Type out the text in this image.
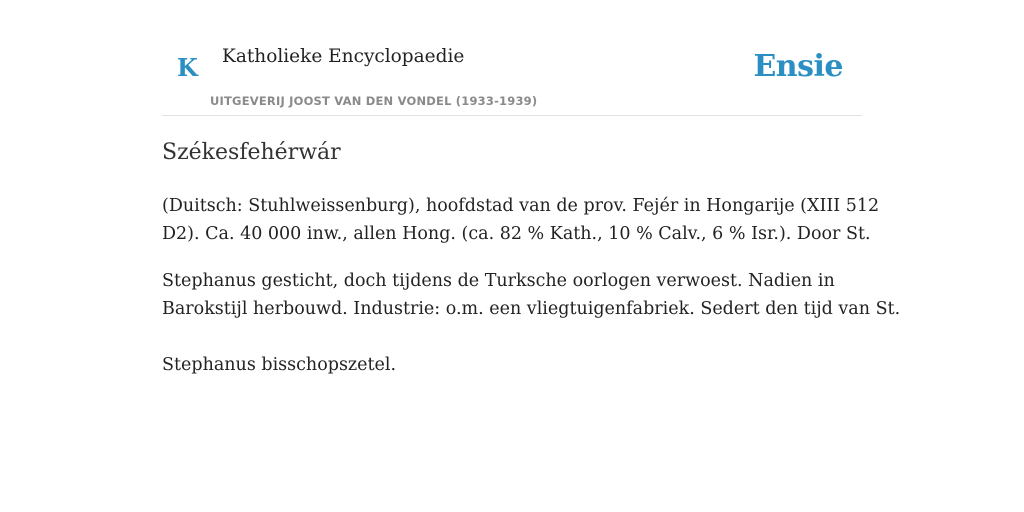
K Katholieke Encyclopaedie
UITGEVERIJ JOOST VAN DEN VONDEL (1933-1939)
Ensie
Székesfehérwár

(Duitsch: Stuhlweissenburg), hoofdstad van de prov. Fejér in Hongarije (XIII 512
D2). Ca. 40 000 inw., allen Hong. (ca. 82 % Kath., 10 % Calv., 6 % Isr.). Door St.

Stephanus gesticht, doch tijdens de Turksche oorlogen verwoest. Nadien in
Barokstijl herbouwd. Industrie: o.m. een vliegtuigenfabriek. Sedert den tijd van St.

Stephanus bisschopszetel.
